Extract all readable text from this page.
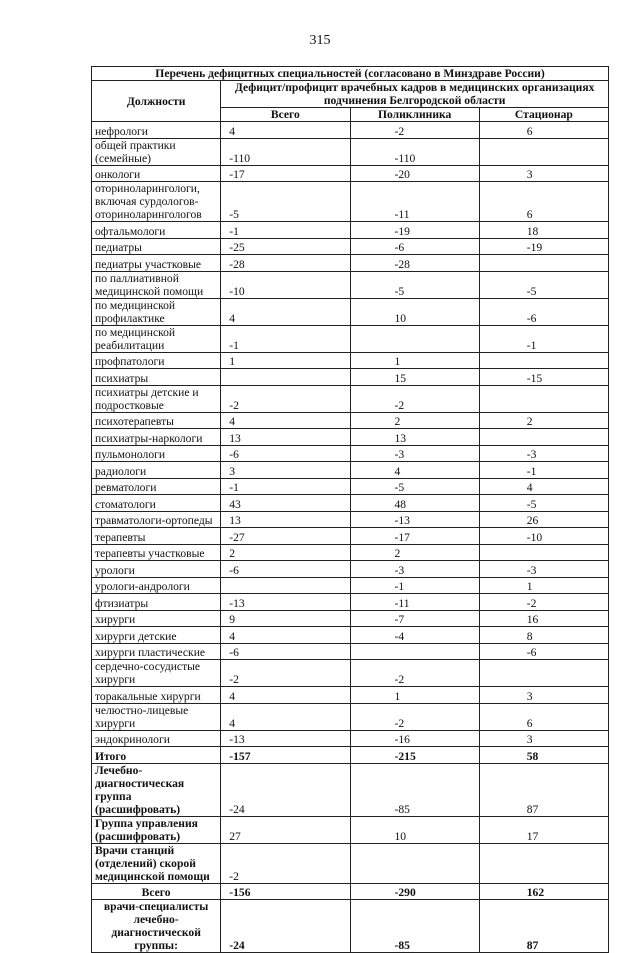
315
Перечень дефицитных специальностей (согласовано в Минздраве России)			
Должности	Дефицит/профицит врачебных кадров в медицинских организациях подчинения Белгородской области		
	Всего	Поликлиника	Стационар
нефрологи	4	-2	6
общей практики (семейные)	-110	-110	
онкологи	-17	-20	3
оториноларингологи, включая сурдологов-оториноларингологов	-5	-11	6
офтальмологи	-1	-19	18
педиатры	-25	-6	-19
педиатры участковые	-28	-28	
по паллиативной медицинской помощи	-10	-5	-5
по медицинской профилактике	4	10	-6
по медицинской реабилитации	-1		-1
профпатологи	1	1	
психиатры		15	-15
психиатры детские и подростковые	-2	-2	
психотерапевты	4	2	2
психиатры-наркологи	13	13	
пульмонологи	-6	-3	-3
радиологи	3	4	-1
ревматологи	-1	-5	4
стоматологи	43	48	-5
травматологи-ортопеды	13	-13	26
терапевты	-27	-17	-10
терапевты участковые	2	2	
урологи	-6	-3	-3
урологи-андрологи		-1	1
фтизиатры	-13	-11	-2
хирурги	9	-7	16
хирурги детские	4	-4	8
хирурги пластические	-6		-6
сердечно-сосудистые хирурги	-2	-2	
торакальные хирурги	4	1	3
челюстно-лицевые хирурги	4	-2	6
эндокринологи	-13	-16	3
Итого	-157	-215	58
Лечебно-диагностическая группа (расшифровать)	-24	-85	87
Группа управления (расшифровать)	27	10	17
Врачи станций (отделений) скорой медицинской помощи	-2		
Всего	-156	-290	162
врачи-специалисты лечебно-диагностической группы:	-24	-85	87
